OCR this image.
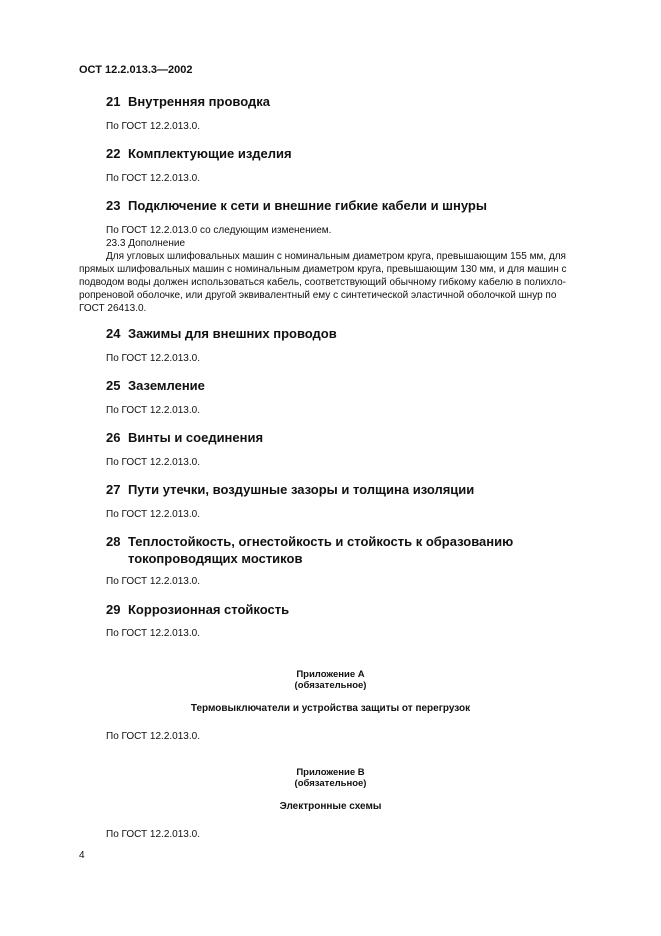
ОСТ 12.2.013.3—2002
21 Внутренняя проводка
По ГОСТ 12.2.013.0.
22 Комплектующие изделия
По ГОСТ 12.2.013.0.
23 Подключение к сети и внешние гибкие кабели и шнуры
По ГОСТ 12.2.013.0 со следующим изменением.
23.3 Дополнение
Для угловых шлифовальных машин с номинальным диаметром круга, превышающим 155 мм, для
прямых шлифовальных машин с номинальным диаметром круга, превышающим 130 мм, и для машин с
подводом воды должен использоваться кабель, соответствующий обычному гибкому кабелю в полихло-
ропреновой оболочке, или другой эквивалентный ему с синтетической эластичной оболочкой шнур по
ГОСТ 26413.0.
24 Зажимы для внешних проводов
По ГОСТ 12.2.013.0.
25 Заземление
По ГОСТ 12.2.013.0.
26 Винты и соединения
По ГОСТ 12.2.013.0.
27 Пути утечки, воздушные зазоры и толщина изоляции
По ГОСТ 12.2.013.0.
28 Теплостойкость, огнестойкость и стойкость к образованию
токопроводящих мостиков
По ГОСТ 12.2.013.0.
29 Коррозионная стойкость
По ГОСТ 12.2.013.0.
Приложение А
(обязательное)
Термовыключатели и устройства защиты от перегрузок
По ГОСТ 12.2.013.0.
Приложение В
(обязательное)
Электронные схемы
По ГОСТ 12.2.013.0.
4
